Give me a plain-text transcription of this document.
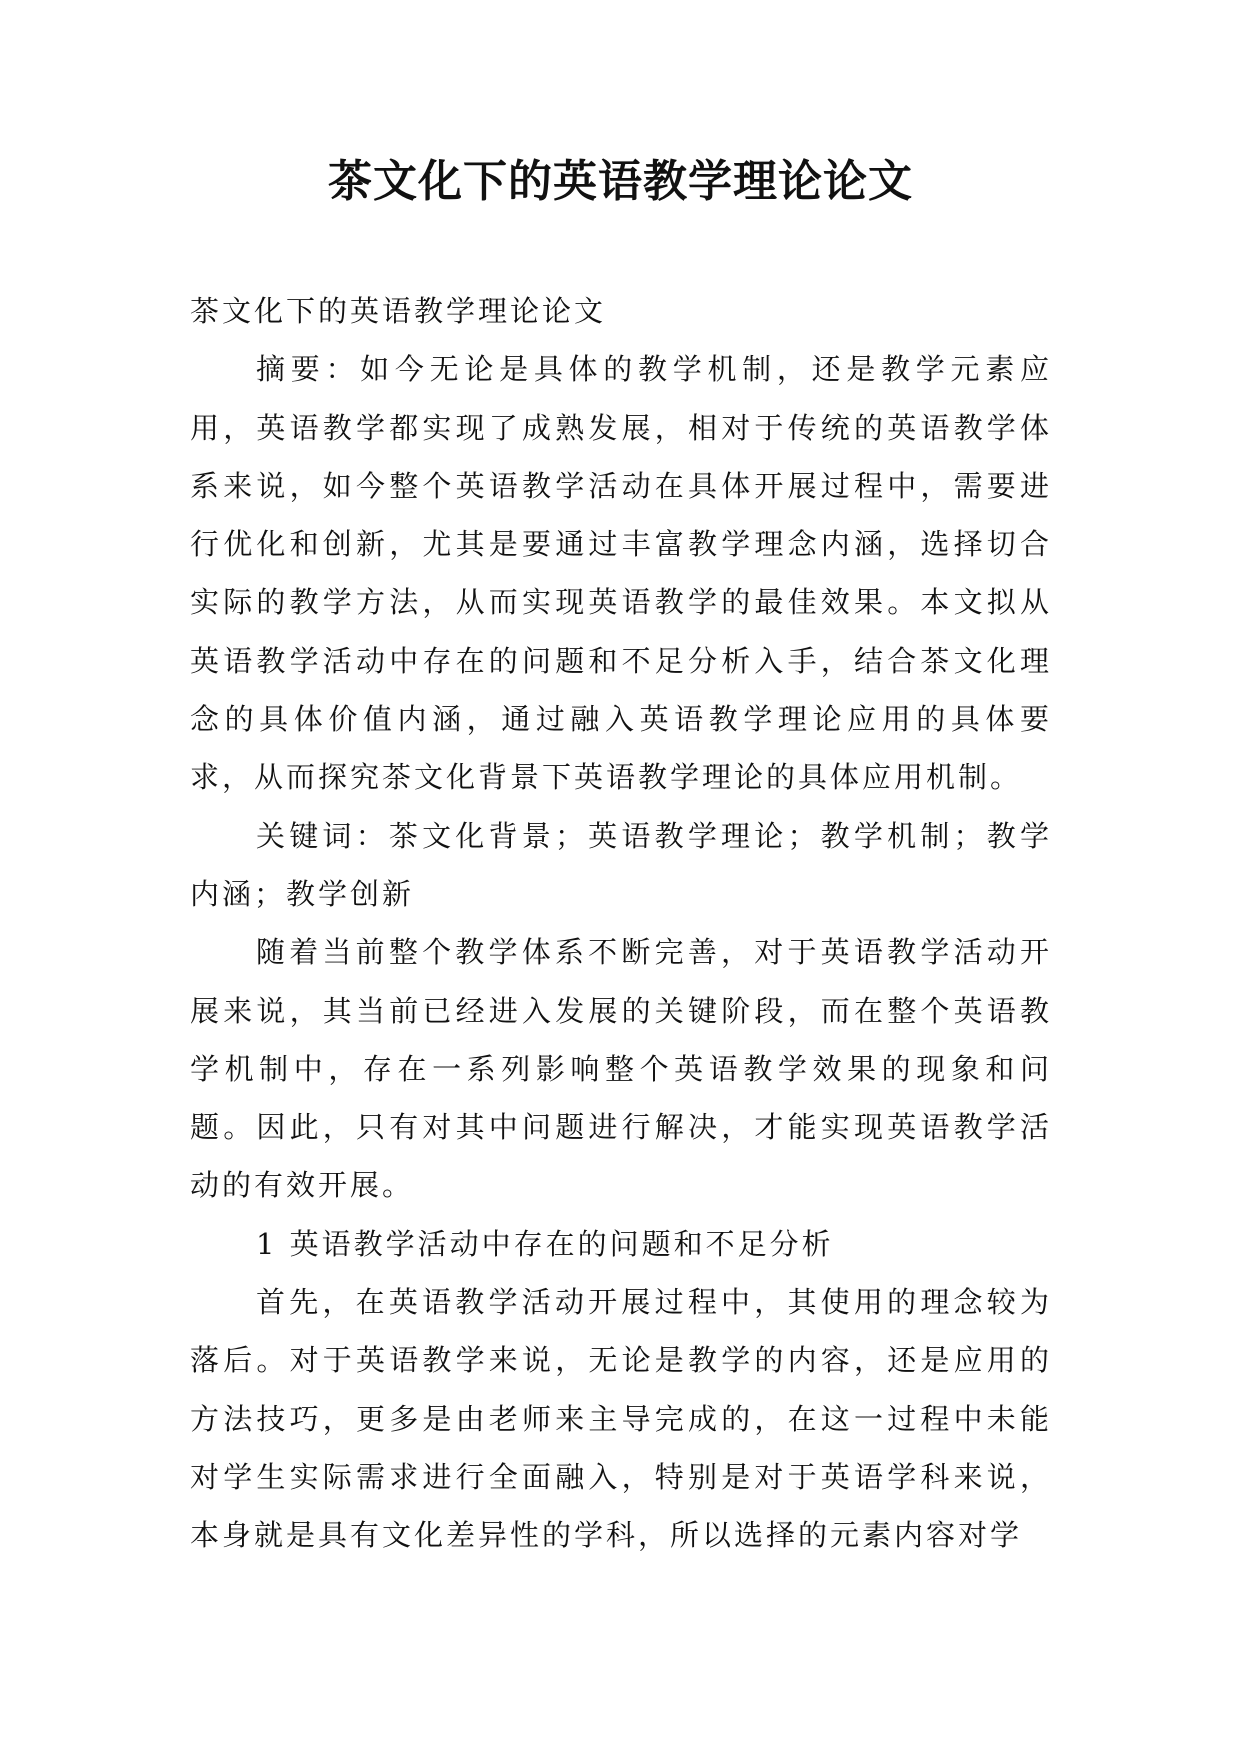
茶文化下的英语教学理论论文

茶文化下的英语教学理论论文

摘要：如今无论是具体的教学机制，还是教学元素应用，英语教学都实现了成熟发展，相对于传统的英语教学体系来说，如今整个英语教学活动在具体开展过程中，需要进行优化和创新，尤其是要通过丰富教学理念内涵，选择切合实际的教学方法，从而实现英语教学的最佳效果。本文拟从英语教学活动中存在的问题和不足分析入手，结合茶文化理念的具体价值内涵，通过融入英语教学理论应用的具体要求，从而探究茶文化背景下英语教学理论的具体应用机制。

关键词：茶文化背景；英语教学理论；教学机制；教学内涵；教学创新

随着当前整个教学体系不断完善，对于英语教学活动开展来说，其当前已经进入发展的关键阶段，而在整个英语教学机制中，存在一系列影响整个英语教学效果的现象和问题。因此，只有对其中问题进行解决，才能实现英语教学活动的有效开展。

1 英语教学活动中存在的问题和不足分析

首先，在英语教学活动开展过程中，其使用的理念较为落后。对于英语教学来说，无论是教学的内容，还是应用的方法技巧，更多是由老师来主导完成的，在这一过程中未能对学生实际需求进行全面融入，特别是对于英语学科来说，本身就是具有文化差异性的学科，所以选择的元素内容对学
